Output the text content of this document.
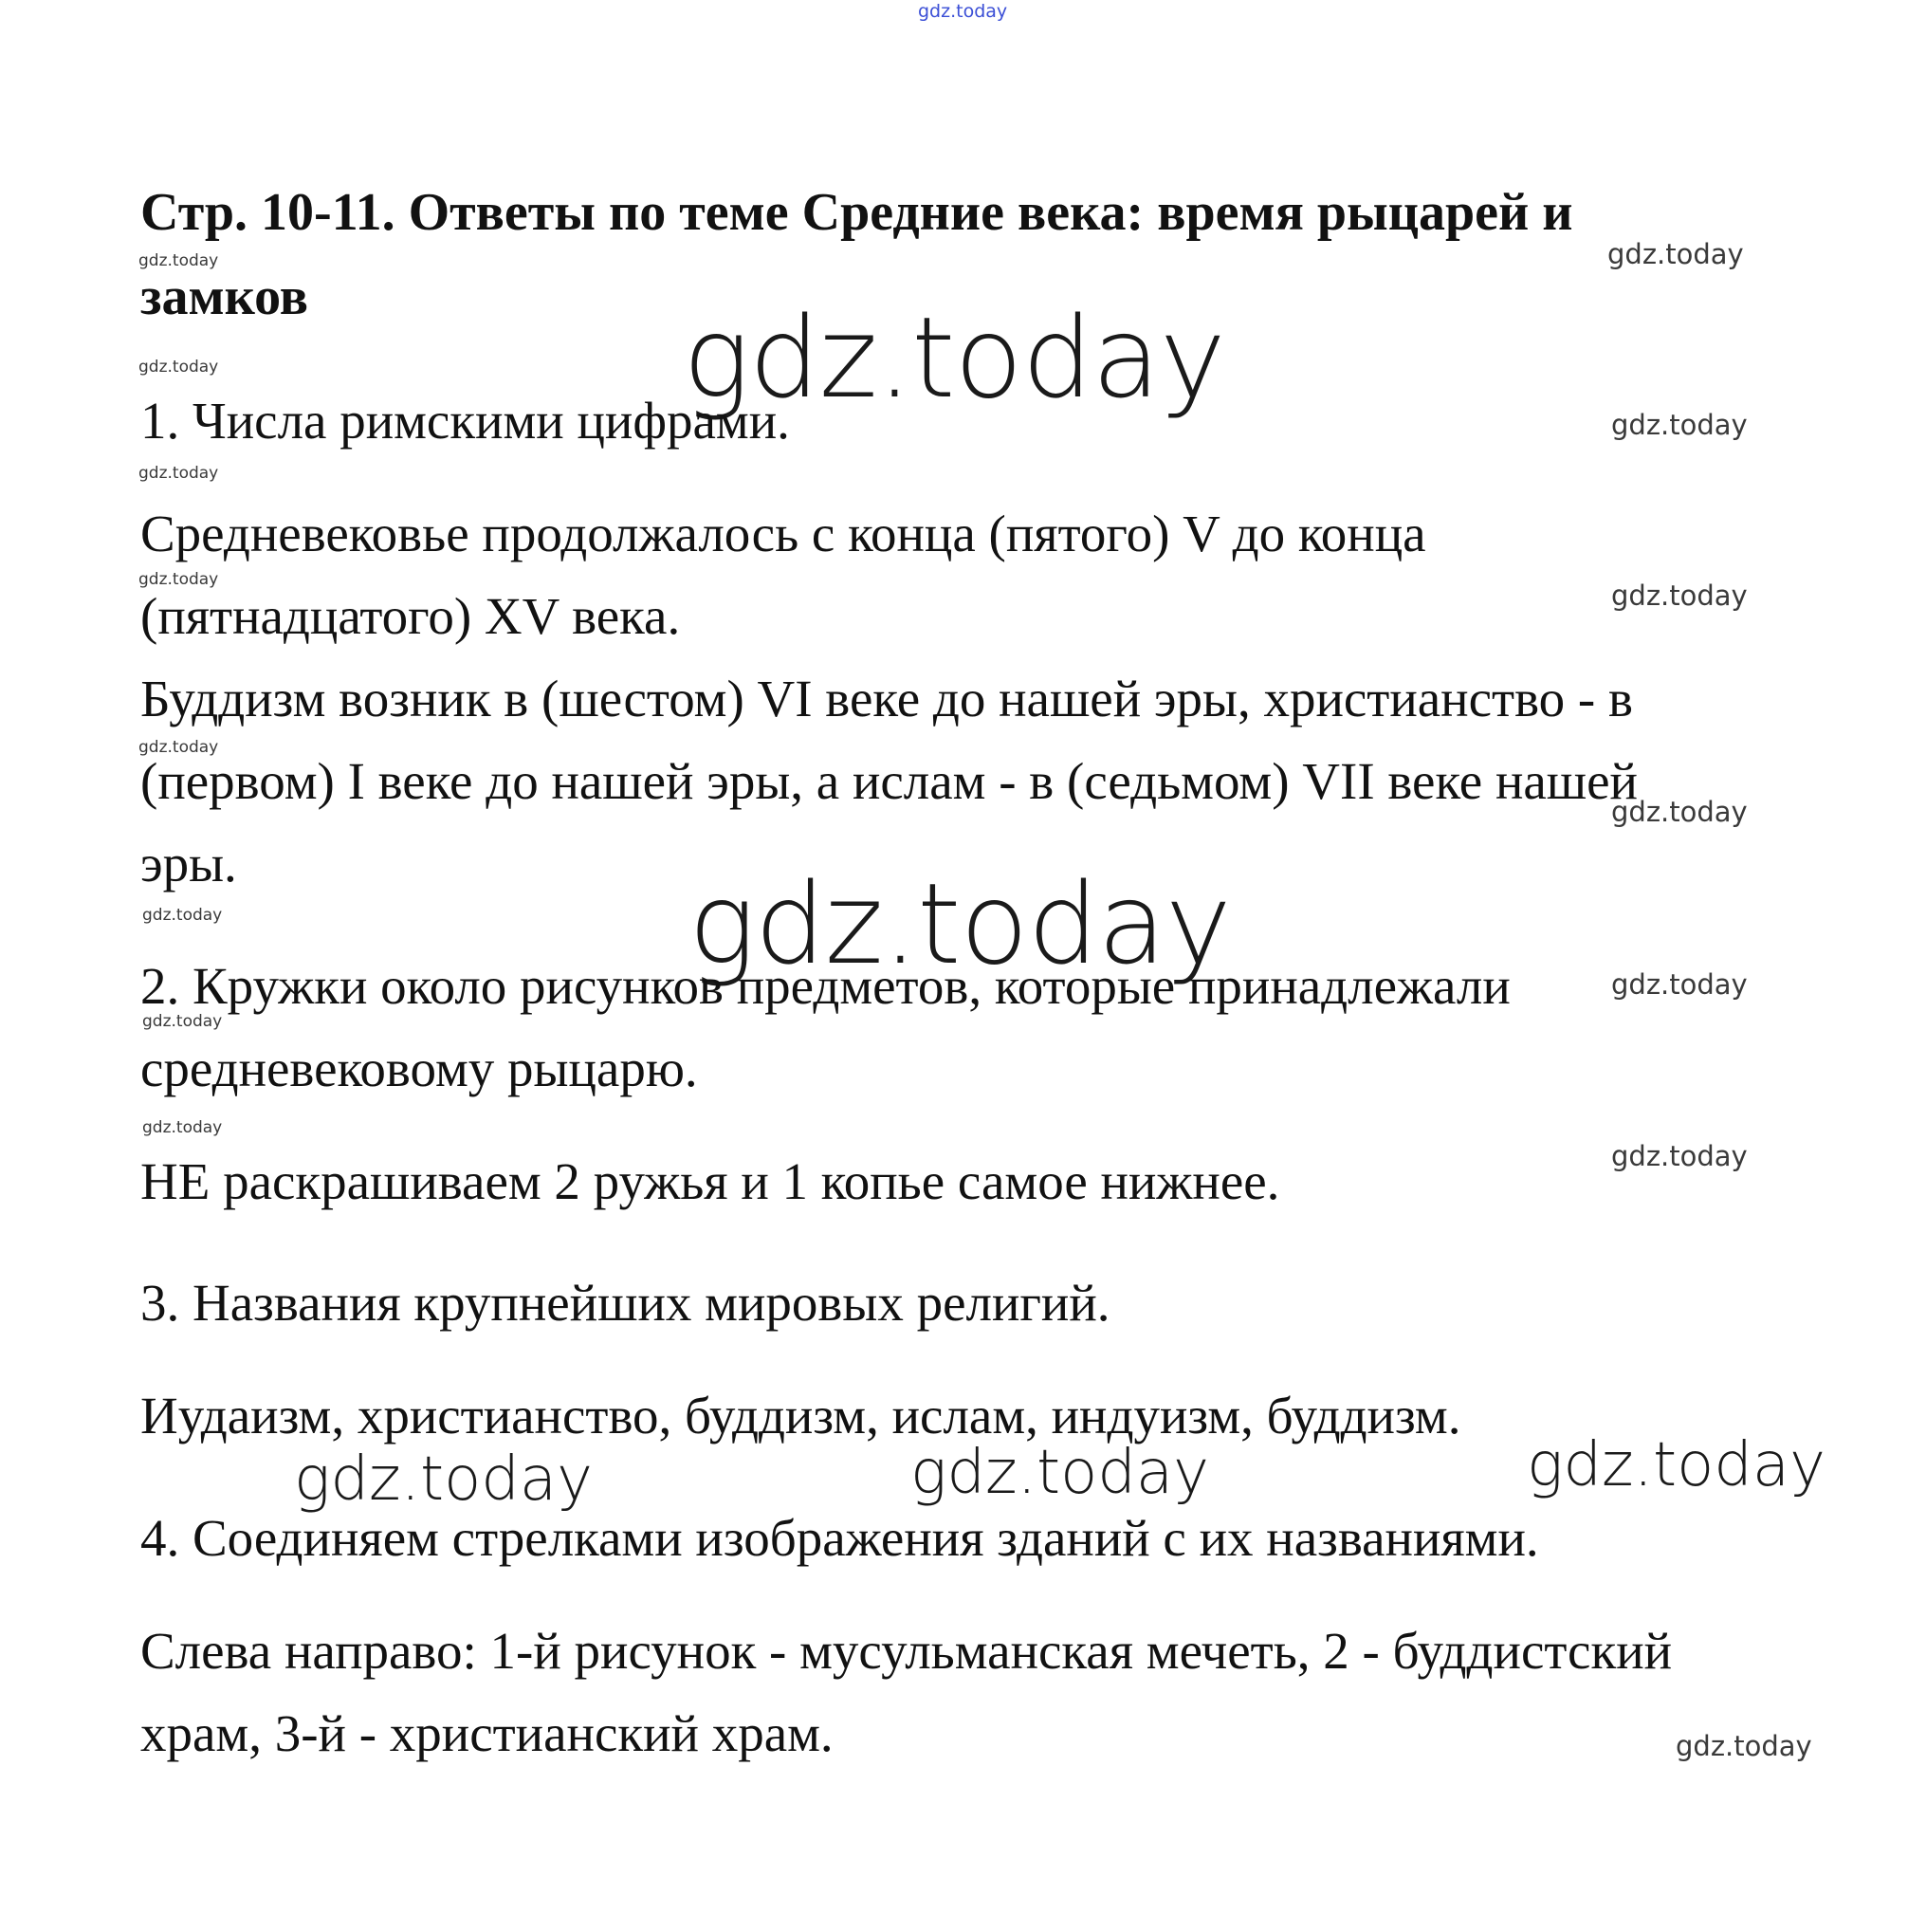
gdz.today
gdz.today
gdz.today
gdz.today
gdz.today
gdz.today
gdz.today
gdz.today
gdz.today
gdz.today
gdz.today
gdz.today
gdz.today
gdz.today
gdz.today
gdz.today
gdz.today
gdz.today
gdz.today	gdz.today	gdz.today
Стр. 10-11. Ответы по теме Средние века: время рыцарей и замков

1. Числа римскими цифрами.

Средневековье продолжалось с конца (пятого) V до конца

(пятнадцатого) XV века.

Буддизм возник в (шестом) VI веке до нашей эры, христианство - в

(первом) I веке до нашей эры, а ислам - в (седьмом) VII веке нашей

эры.

2. Кружки около рисунков предметов, которые принадлежали

средневековому рыцарю.

НЕ раскрашиваем 2 ружья и 1 копье самое нижнее.

3. Названия крупнейших мировых религий.

Иудаизм, христианство, буддизм, ислам, индуизм, буддизм.

4. Соединяем стрелками изображения зданий с их названиями.

Слева направо: 1-й рисунок - мусульманская мечеть, 2 - буддистский

храм, 3-й - христианский храм.
